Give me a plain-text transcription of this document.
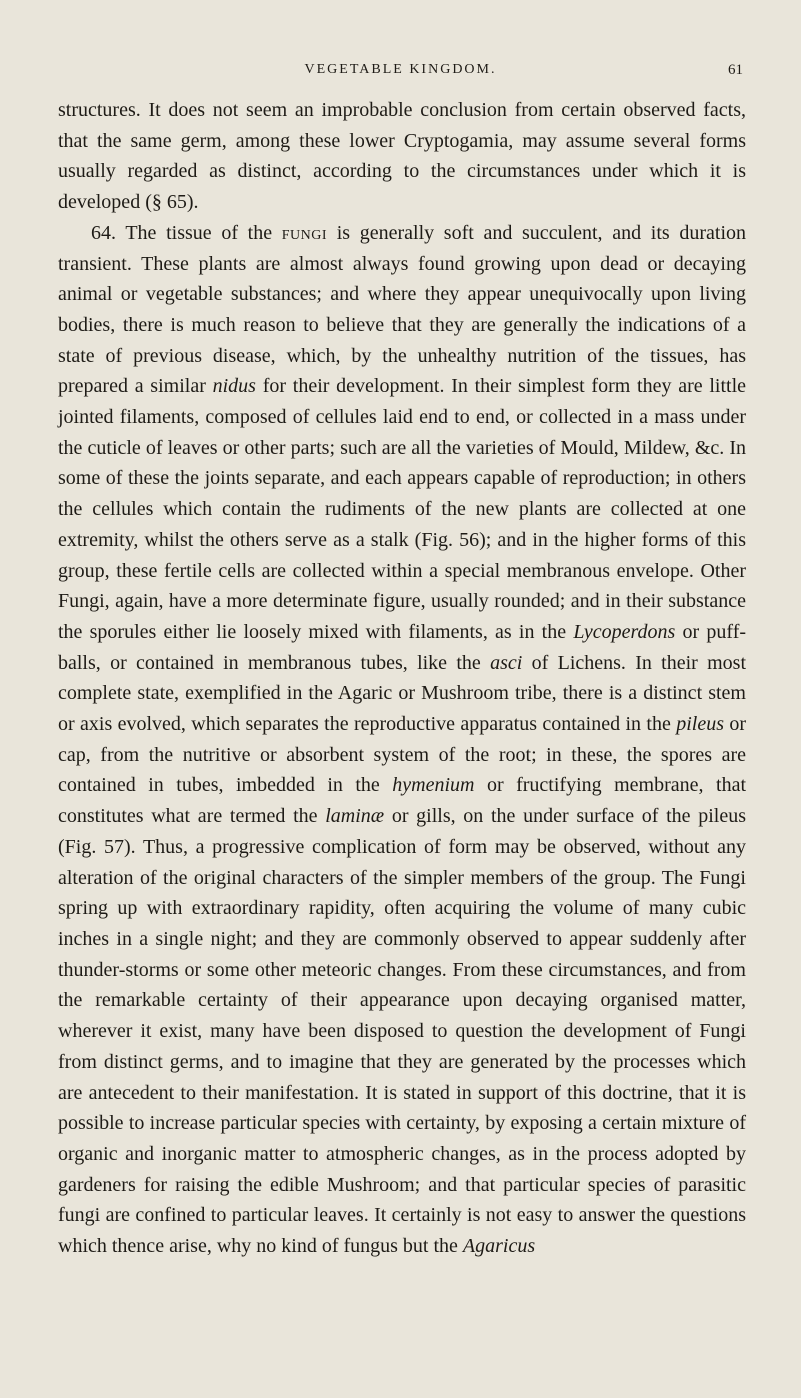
VEGETABLE KINGDOM.	61

structures. It does not seem an improbable conclusion from certain observed facts, that the same germ, among these lower Cryptogamia, may assume several forms usually regarded as distinct, according to the circumstances under which it is developed (§ 65).

64. The tissue of the fungi is generally soft and succulent, and its duration transient. These plants are almost always found growing upon dead or decaying animal or vegetable substances; and where they appear unequivocally upon living bodies, there is much reason to believe that they are generally the indications of a state of previous disease, which, by the unhealthy nutrition of the tissues, has prepared a similar nidus for their development. In their simplest form they are little jointed filaments, composed of cellules laid end to end, or collected in a mass under the cuticle of leaves or other parts; such are all the varieties of Mould, Mildew, &c. In some of these the joints separate, and each appears capable of reproduction; in others the cellules which contain the rudiments of the new plants are collected at one extremity, whilst the others serve as a stalk (Fig. 56); and in the higher forms of this group, these fertile cells are collected within a special membranous envelope. Other Fungi, again, have a more determinate figure, usually rounded; and in their substance the sporules either lie loosely mixed with filaments, as in the Lycoperdons or puff-balls, or contained in membranous tubes, like the asci of Lichens. In their most complete state, exemplified in the Agaric or Mushroom tribe, there is a distinct stem or axis evolved, which separates the reproductive apparatus contained in the pileus or cap, from the nutritive or absorbent system of the root; in these, the spores are contained in tubes, imbedded in the hymenium or fructifying membrane, that constitutes what are termed the laminæ or gills, on the under surface of the pileus (Fig. 57). Thus, a progressive complication of form may be observed, without any alteration of the original characters of the simpler members of the group. The Fungi spring up with extraordinary rapidity, often acquiring the volume of many cubic inches in a single night; and they are commonly observed to appear suddenly after thunder-storms or some other meteoric changes. From these circumstances, and from the remarkable certainty of their appearance upon decaying organised matter, wherever it exist, many have been disposed to question the development of Fungi from distinct germs, and to imagine that they are generated by the processes which are antecedent to their manifestation. It is stated in support of this doctrine, that it is possible to increase particular species with certainty, by exposing a certain mixture of organic and inorganic matter to atmospheric changes, as in the process adopted by gardeners for raising the edible Mushroom; and that particular species of parasitic fungi are confined to particular leaves. It certainly is not easy to answer the questions which thence arise, why no kind of fungus but the Agaricus
